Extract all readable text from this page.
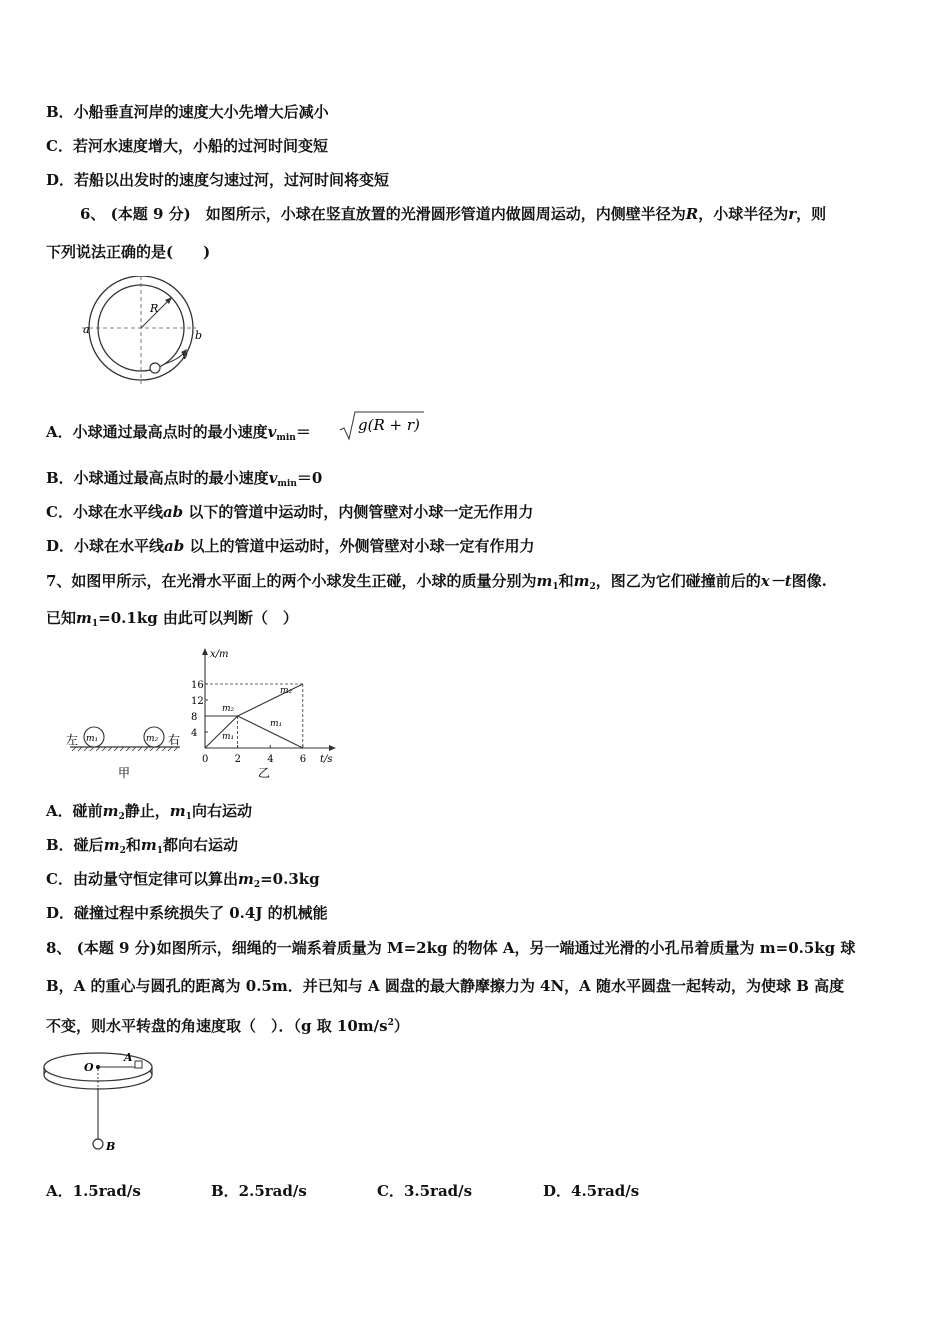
B．小船垂直河岸的速度大小先增大后减小
C．若河水速度增大，小船的过河时间变短
D．若船以出发时的速度匀速过河，过河时间将变短
6、 (本题 9 分)　如图所示，小球在竖直放置的光滑圆形管道内做圆周运动，内侧壁半径为R，小球半径为r，则
下列说法正确的是(　　)
R
a	b
v
A．小球通过最高点时的最小速度$v_{min}=$	g(R + r)
B．小球通过最高点时的最小速度$v_{min}=0$
C．小球在水平线ab 以下的管道中运动时，内侧管壁对小球一定无作用力
D．小球在水平线ab 以上的管道中运动时，外侧管壁对小球一定有作用力
7、如图甲所示，在光滑水平面上的两个小球发生正碰，小球的质量分别为$m_1$和$m_2$，图乙为它们碰撞前后的x－t图像.
已知$m_1=0.1kg$ 由此可以判断（　）
m₁	m₂
左	右
甲
x/m
t/s
16
12
8
4
0	2	4	6
m₂
m₁
m₂
m₁
乙
A．碰前$m_2$静止，$m_1$向右运动
B．碰后$m_2$和$m_1$都向右运动
C．由动量守恒定律可以算出$m_2=0.3kg$
D．碰撞过程中系统损失了 0.4J 的机械能
8、 (本题 9 分)如图所示，细绳的一端系着质量为 M=2kg 的物体 A，另一端通过光滑的小孔吊着质量为 m=0.5kg 球
B，A 的重心与圆孔的距离为 0.5m．并已知与 A 圆盘的最大静摩擦力为 4N，A 随水平圆盘一起转动，为使球 B 高度
不变，则水平转盘的角速度取（　）．（g 取 $10m/s^2$）
A
O
B
A．1.5rad/s	B．2.5rad/s	C．3.5rad/s	D．4.5rad/s
